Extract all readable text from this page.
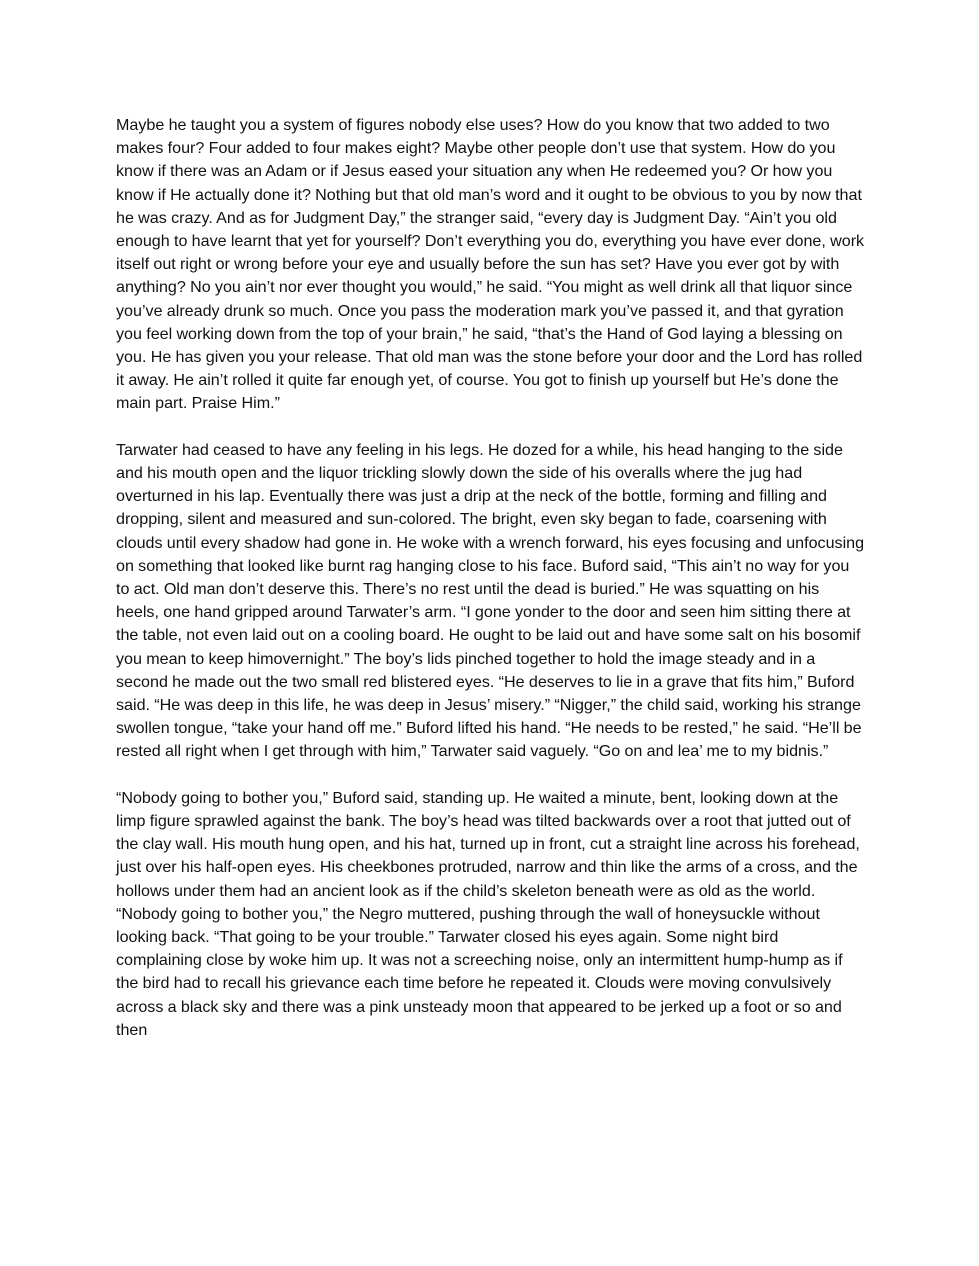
Maybe he taught you a system of figures nobody else uses? How do you know that two added to two makes four? Four added to four makes eight? Maybe other people don’t use that system. How do you know if there was an Adam or if Jesus eased your situation any when He redeemed you? Or how you know if He actually done it? Nothing but that old man’s word and it ought to be obvious to you by now that he was crazy. And as for Judgment Day,” the stranger said, “every day is Judgment Day. “Ain’t you old enough to have learnt that yet for yourself? Don’t everything you do, everything you have ever done, work itself out right or wrong before your eye and usually before the sun has set? Have you ever got by with anything? No you ain’t nor ever thought you would,” he said. “You might as well drink all that liquor since you’ve already drunk so much. Once you pass the moderation mark you’ve passed it, and that gyration you feel working down from the top of your brain,” he said, “that’s the Hand of God laying a blessing on you. He has given you your release. That old man was the stone before your door and the Lord has rolled it away. He ain’t rolled it quite far enough yet, of course. You got to finish up yourself but He’s done the main part. Praise Him.”

Tarwater had ceased to have any feeling in his legs. He dozed for a while, his head hanging to the side and his mouth open and the liquor trickling slowly down the side of his overalls where the jug had overturned in his lap. Eventually there was just a drip at the neck of the bottle, forming and filling and dropping, silent and measured and sun-colored. The bright, even sky began to fade, coarsening with clouds until every shadow had gone in. He woke with a wrench forward, his eyes focusing and unfocusing on something that looked like burnt rag hanging close to his face. Buford said, “This ain’t no way for you to act. Old man don’t deserve this. There’s no rest until the dead is buried.” He was squatting on his heels, one hand gripped around Tarwater’s arm. “I gone yonder to the door and seen him sitting there at the table, not even laid out on a cooling board. He ought to be laid out and have some salt on his bosomif you mean to keep himovernight.” The boy’s lids pinched together to hold the image steady and in a second he made out the two small red blistered eyes. “He deserves to lie in a grave that fits him,” Buford said. “He was deep in this life, he was deep in Jesus’ misery.” “Nigger,” the child said, working his strange swollen tongue, “take your hand off me.” Buford lifted his hand. “He needs to be rested,” he said. “He’ll be rested all right when I get through with him,” Tarwater said vaguely. “Go on and lea’ me to my bidnis.”

“Nobody going to bother you,” Buford said, standing up. He waited a minute, bent, looking down at the limp figure sprawled against the bank. The boy’s head was tilted backwards over a root that jutted out of the clay wall. His mouth hung open, and his hat, turned up in front, cut a straight line across his forehead, just over his half-open eyes. His cheekbones protruded, narrow and thin like the arms of a cross, and the hollows under them had an ancient look as if the child’s skeleton beneath were as old as the world. “Nobody going to bother you,” the Negro muttered, pushing through the wall of honeysuckle without looking back. “That going to be your trouble.” Tarwater closed his eyes again. Some night bird complaining close by woke him up. It was not a screeching noise, only an intermittent hump-hump as if the bird had to recall his grievance each time before he repeated it. Clouds were moving convulsively across a black sky and there was a pink unsteady moon that appeared to be jerked up a foot or so and then
